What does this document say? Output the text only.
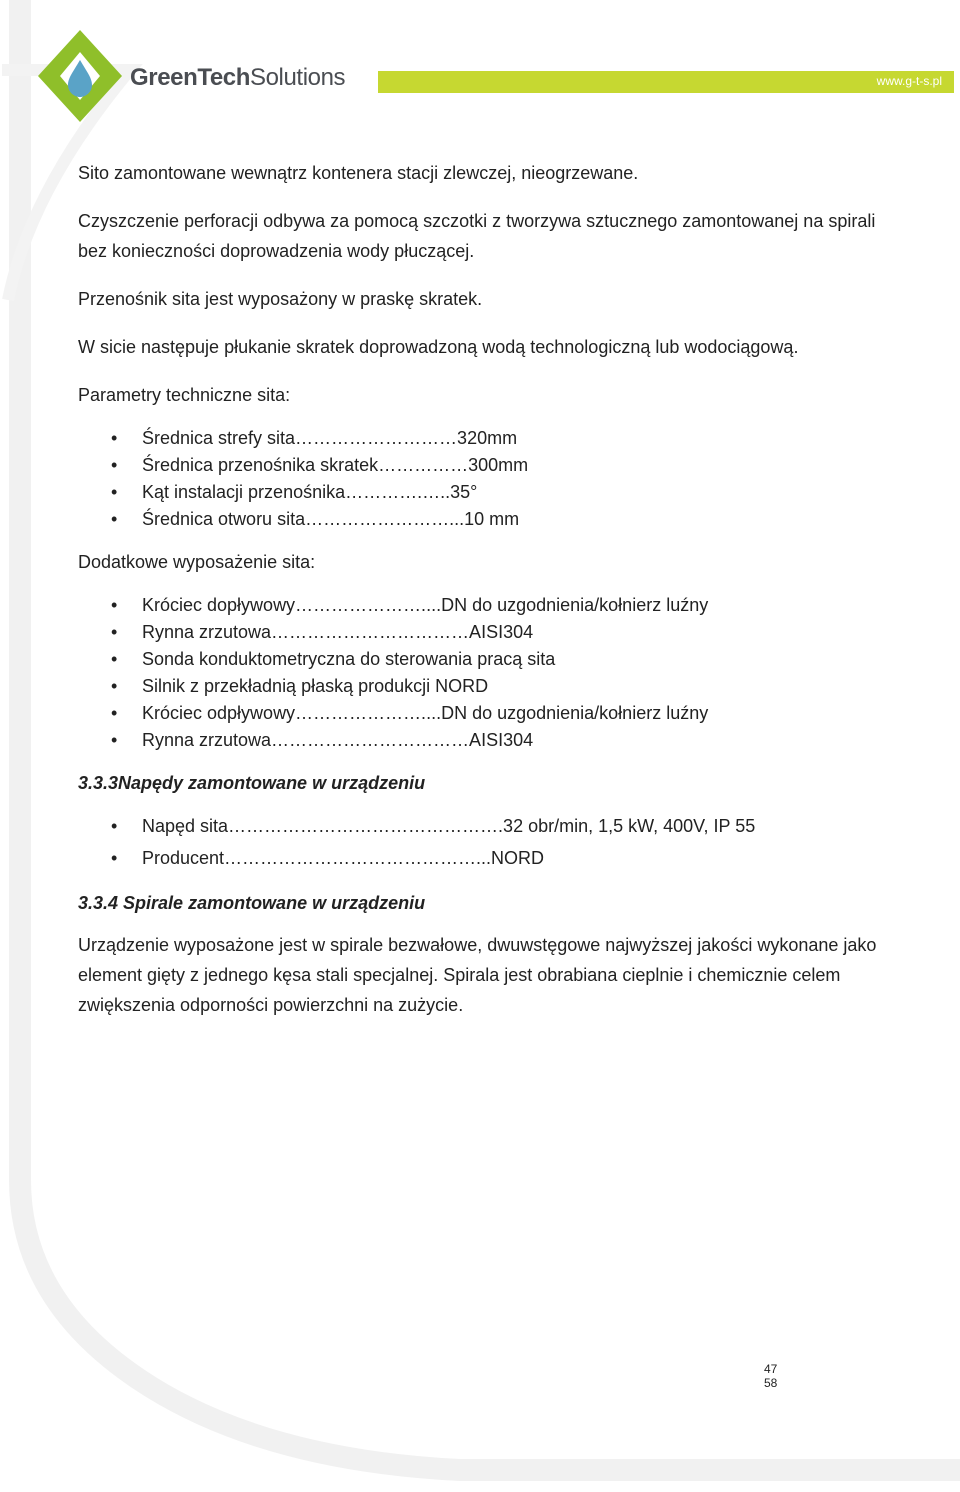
GreenTechSolutions	www.g-t-s.pl

Sito zamontowane wewnątrz kontenera stacji zlewczej, nieogrzewane.

Czyszczenie perforacji odbywa za pomocą szczotki z tworzywa sztucznego zamontowanej na spirali bez konieczności doprowadzenia wody płuczącej.

Przenośnik sita jest wyposażony w praskę skratek.

W sicie następuje płukanie skratek doprowadzoną wodą technologiczną lub wodociągową.

Parametry techniczne sita:

• Średnica strefy sita………………………320mm
• Średnica przenośnika skratek……………300mm
• Kąt instalacji przenośnika………….…..35°
• Średnica otworu sita……………………...10 mm

Dodatkowe wyposażenie sita:

• Króciec dopływowy…………………....DN do uzgodnienia/kołnierz luźny
• Rynna zrzutowa……………………………AISI304
• Sonda konduktometryczna do sterowania pracą sita
• Silnik z przekładnią płaską produkcji NORD
• Króciec odpływowy…………………....DN do uzgodnienia/kołnierz luźny
• Rynna zrzutowa……………………………AISI304
3.3.3Napędy zamontowane w urządzeniu
• Napęd sita……………………………………….32 obr/min, 1,5 kW, 400V, IP 55
• Producent……………………………………...NORD
3.3.4 Spirale zamontowane w urządzeniu

Urządzenie wyposażone jest w spirale bezwałowe, dwuwstęgowe najwyższej jakości wykonane jako element gięty z jednego kęsa stali specjalnej. Spirala jest obrabiana cieplnie i chemicznie celem zwiększenia odporności powierzchni na zużycie.

47
58
